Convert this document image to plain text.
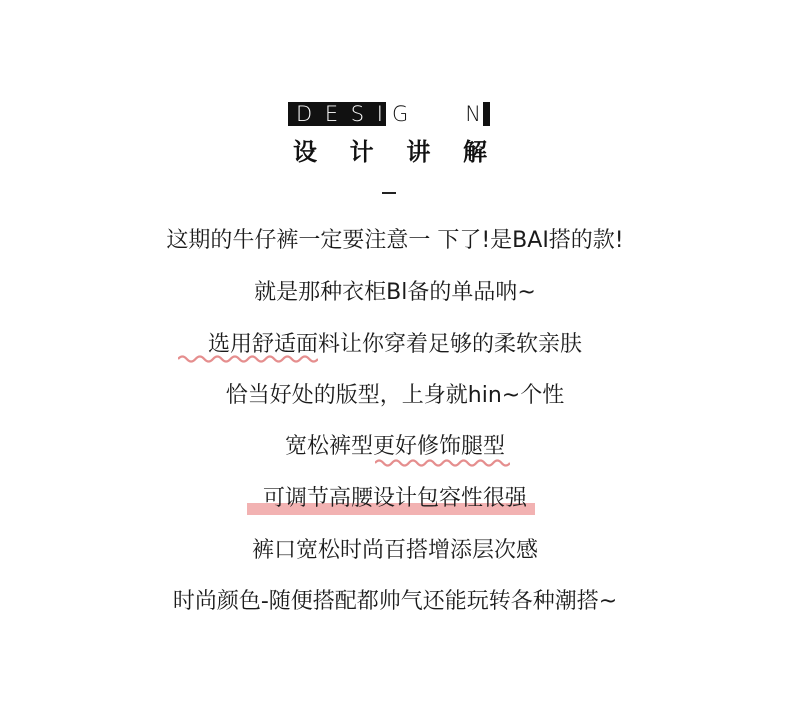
D E S I G	N
设 计 讲 解
这期的牛仔裤一定要注意一 下了!是BAI搭的款!
就是那种衣柜Bl备的单品呐~
选用舒适面料让你穿着足够的柔软亲肤
恰当好处的版型，上身就hin~个性
宽松裤型更好修饰腿型
可调节高腰设计包容性很强
裤口宽松时尚百搭增添层次感
时尚颜色-随便搭配都帅气还能玩转各种潮搭~
